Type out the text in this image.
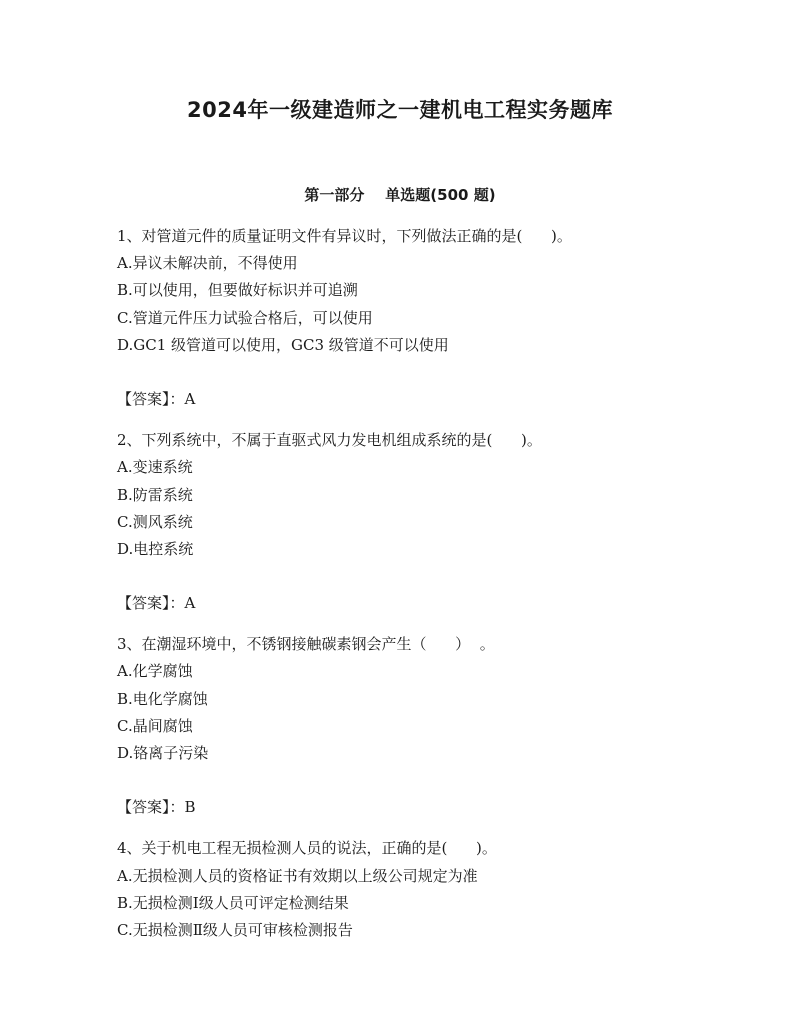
2024年一级建造师之一建机电工程实务题库
第一部分    单选题(500 题)

1、对管道元件的质量证明文件有异议时，下列做法正确的是(      )。

A.异议未解决前，不得使用

B.可以使用，但要做好标识并可追溯

C.管道元件压力试验合格后，可以使用

D.GC1 级管道可以使用，GC3 级管道不可以使用

【答案】：A

2、下列系统中，不属于直驱式风力发电机组成系统的是(      )。

A.变速系统

B.防雷系统

C.测风系统

D.电控系统

【答案】：A

3、在潮湿环境中，不锈钢接触碳素钢会产生（      ）  。

A.化学腐蚀

B.电化学腐蚀

C.晶间腐蚀

D.铬离子污染

【答案】：B

4、关于机电工程无损检测人员的说法，正确的是(      )。

A.无损检测人员的资格证书有效期以上级公司规定为准

B.无损检测Ⅰ级人员可评定检测结果

C.无损检测Ⅱ级人员可审核检测报告
